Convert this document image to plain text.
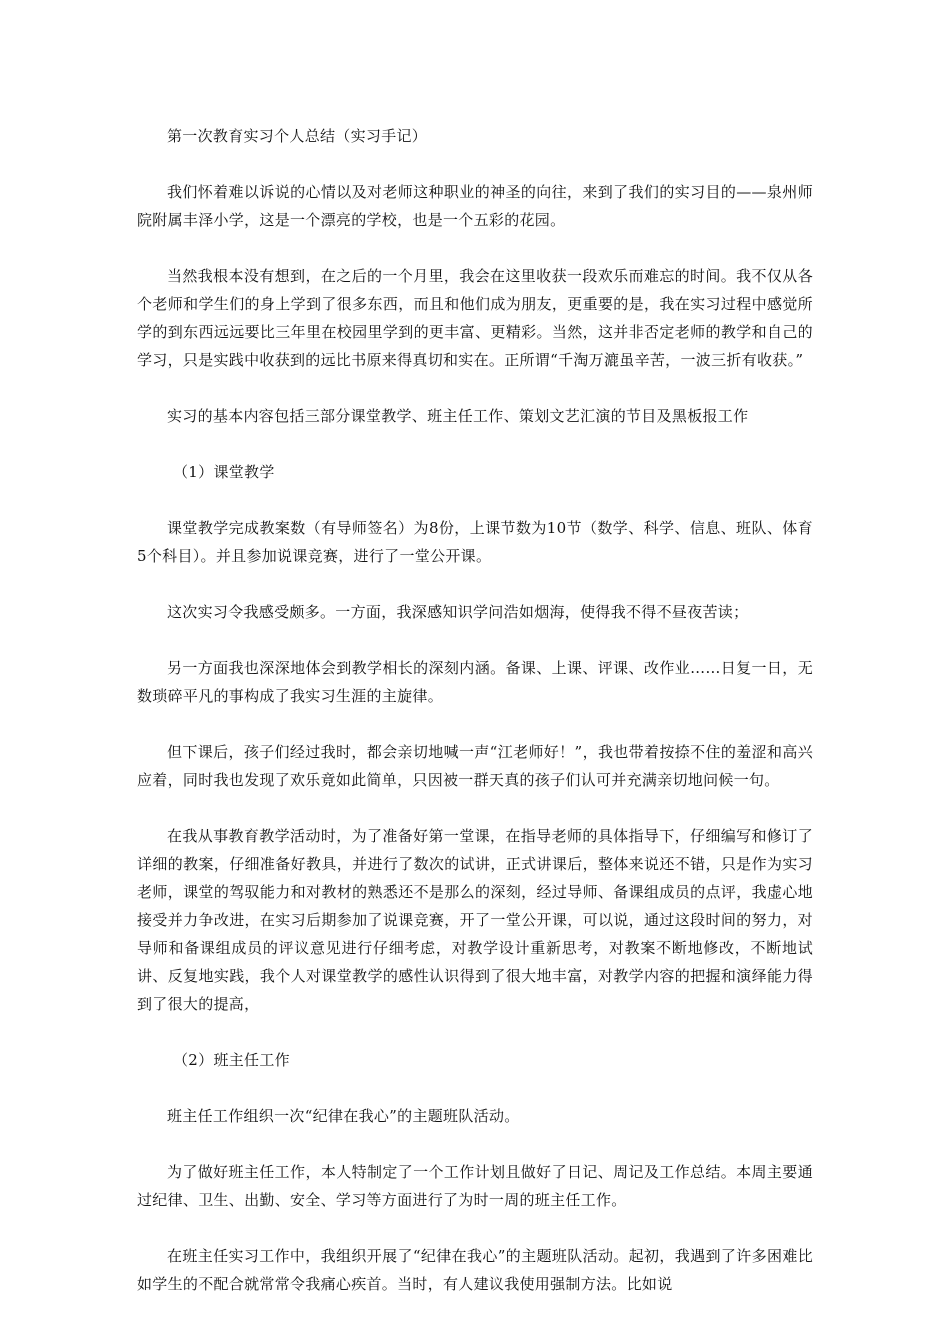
第一次教育实习个人总结（实习手记）

我们怀着难以诉说的心情以及对老师这种职业的神圣的向往，来到了我们的实习目的——泉州师院附属丰泽小学，这是一个漂亮的学校，也是一个五彩的花园。

当然我根本没有想到，在之后的一个月里，我会在这里收获一段欢乐而难忘的时间。我不仅从各个老师和学生们的身上学到了很多东西，而且和他们成为朋友，更重要的是，我在实习过程中感觉所学的到东西远远要比三年里在校园里学到的更丰富、更精彩。当然，这并非否定老师的教学和自己的学习，只是实践中收获到的远比书原来得真切和实在。正所谓“千淘万漉虽辛苦，一波三折有收获。”

实习的基本内容包括三部分课堂教学、班主任工作、策划文艺汇演的节目及黑板报工作

（1）课堂教学

课堂教学完成教案数（有导师签名）为8份，上课节数为10节（数学、科学、信息、班队、体育5个科目）。并且参加说课竞赛，进行了一堂公开课。

这次实习令我感受颇多。一方面，我深感知识学问浩如烟海，使得我不得不昼夜苦读；

另一方面我也深深地体会到教学相长的深刻内涵。备课、上课、评课、改作业……日复一日，无数琐碎平凡的事构成了我实习生涯的主旋律。

但下课后，孩子们经过我时，都会亲切地喊一声“江老师好！”，我也带着按捺不住的羞涩和高兴应着，同时我也发现了欢乐竟如此简单，只因被一群天真的孩子们认可并充满亲切地问候一句。

在我从事教育教学活动时，为了准备好第一堂课，在指导老师的具体指导下，仔细编写和修订了详细的教案，仔细准备好教具，并进行了数次的试讲，正式讲课后，整体来说还不错，只是作为实习老师，课堂的驾驭能力和对教材的熟悉还不是那么的深刻，经过导师、备课组成员的点评，我虚心地接受并力争改进，在实习后期参加了说课竞赛，开了一堂公开课，可以说，通过这段时间的努力，对导师和备课组成员的评议意见进行仔细考虑，对教学设计重新思考，对教案不断地修改，不断地试讲、反复地实践，我个人对课堂教学的感性认识得到了很大地丰富，对教学内容的把握和演绎能力得到了很大的提高，

（2）班主任工作

班主任工作组织一次“纪律在我心”的主题班队活动。

为了做好班主任工作，本人特制定了一个工作计划且做好了日记、周记及工作总结。本周主要通过纪律、卫生、出勤、安全、学习等方面进行了为时一周的班主任工作。

在班主任实习工作中，我组织开展了“纪律在我心”的主题班队活动。起初，我遇到了许多困难比如学生的不配合就常常令我痛心疾首。当时，有人建议我使用强制方法。比如说
